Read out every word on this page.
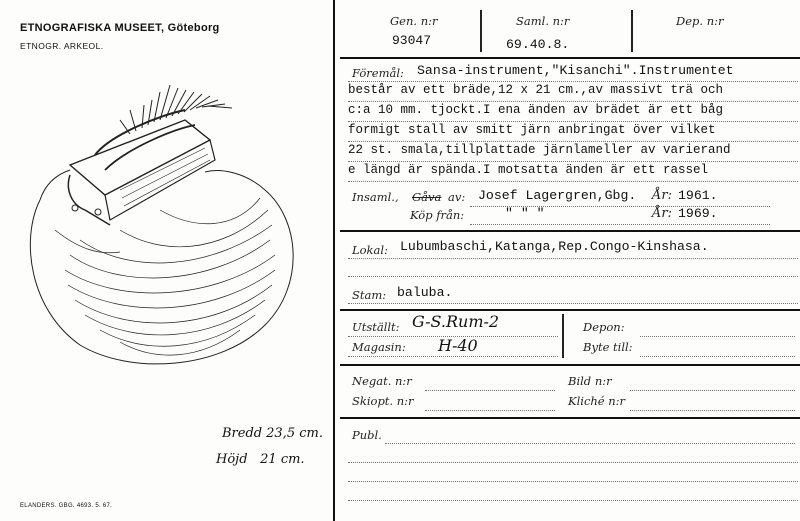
ETNOGRAFISKA MUSEET, Göteborg
ETNOGR. ARKEOL.
Bredd 23,5 cm.
Höjd 21 cm.
ELANDERS. GBG. 4693. 5. 67.
Gen. n:r
93047
Saml. n:r
69.40.8.
Dep. n:r
Föremål: Sansa-instrument,"Kisanchi".Instrumentet
består av ett bräde,12 x 21 cm.,av massivt trä och
c:a 10 mm. tjockt.I ena änden av brädet är ett båg
formigt stall av smitt järn anbringat över vilket
22 st. smala,tillplattade järnlameller av varierand
e längd är spända.I motsatta änden är ett rassel
Insaml., Gåva av: Josef Lagergren,Gbg. År: 1961.
Köp från:	" " "	År: 1969.
Lokal: Lubumbaschi,Katanga,Rep.Congo-Kinshasa.
Stam: baluba.
Utställt: G-S.Rum-2
Magasin: H-40
Depon:
Byte till:
Negat. n:r	Bild n:r
Skiopt. n:r	Kliché n:r
Publ.
